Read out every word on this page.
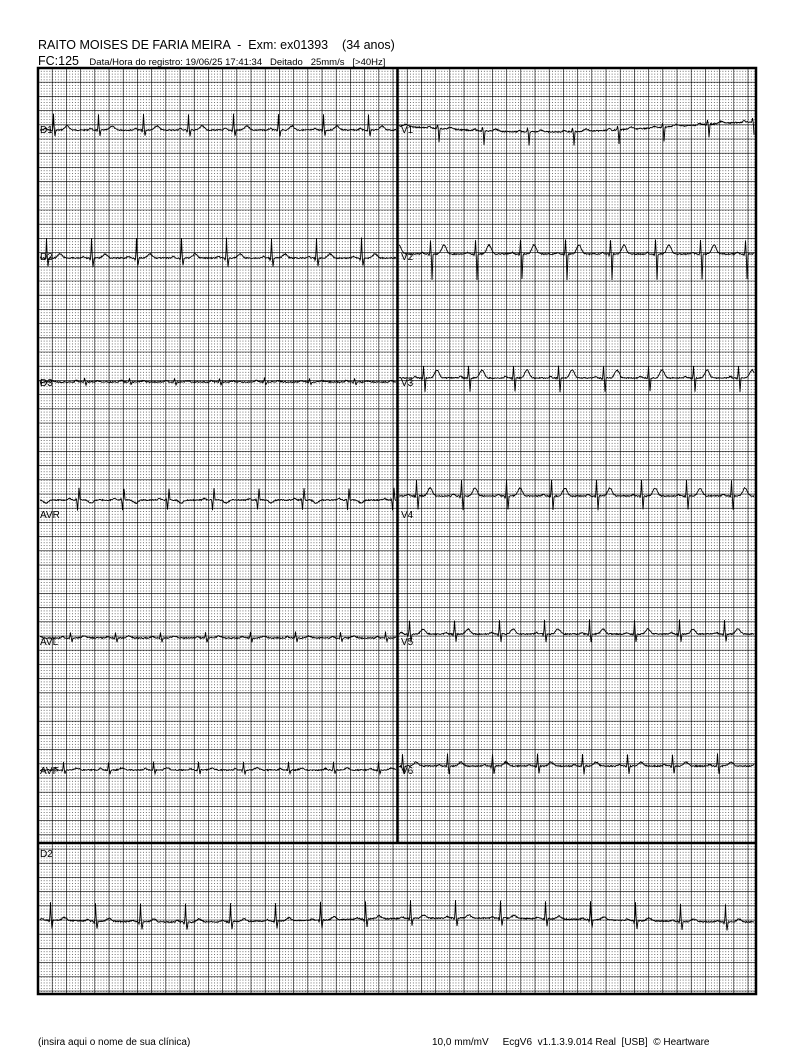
RAITO MOISES DE FARIA MEIRA  -  Exm: ex01393    (34 anos)
FC:125 Data/Hora do registro: 19/06/25 17:41:34   Deitado   25mm/s   [>40Hz]
D1
D2
D3
AVR
AVL
AVF
V1
V2
V3
V4
V5
V6
D2
(insira aqui o nome de sua clínica)	10,0 mm/mV     EcgV6  v1.1.3.9.014 Real  [USB]  © Heartware
